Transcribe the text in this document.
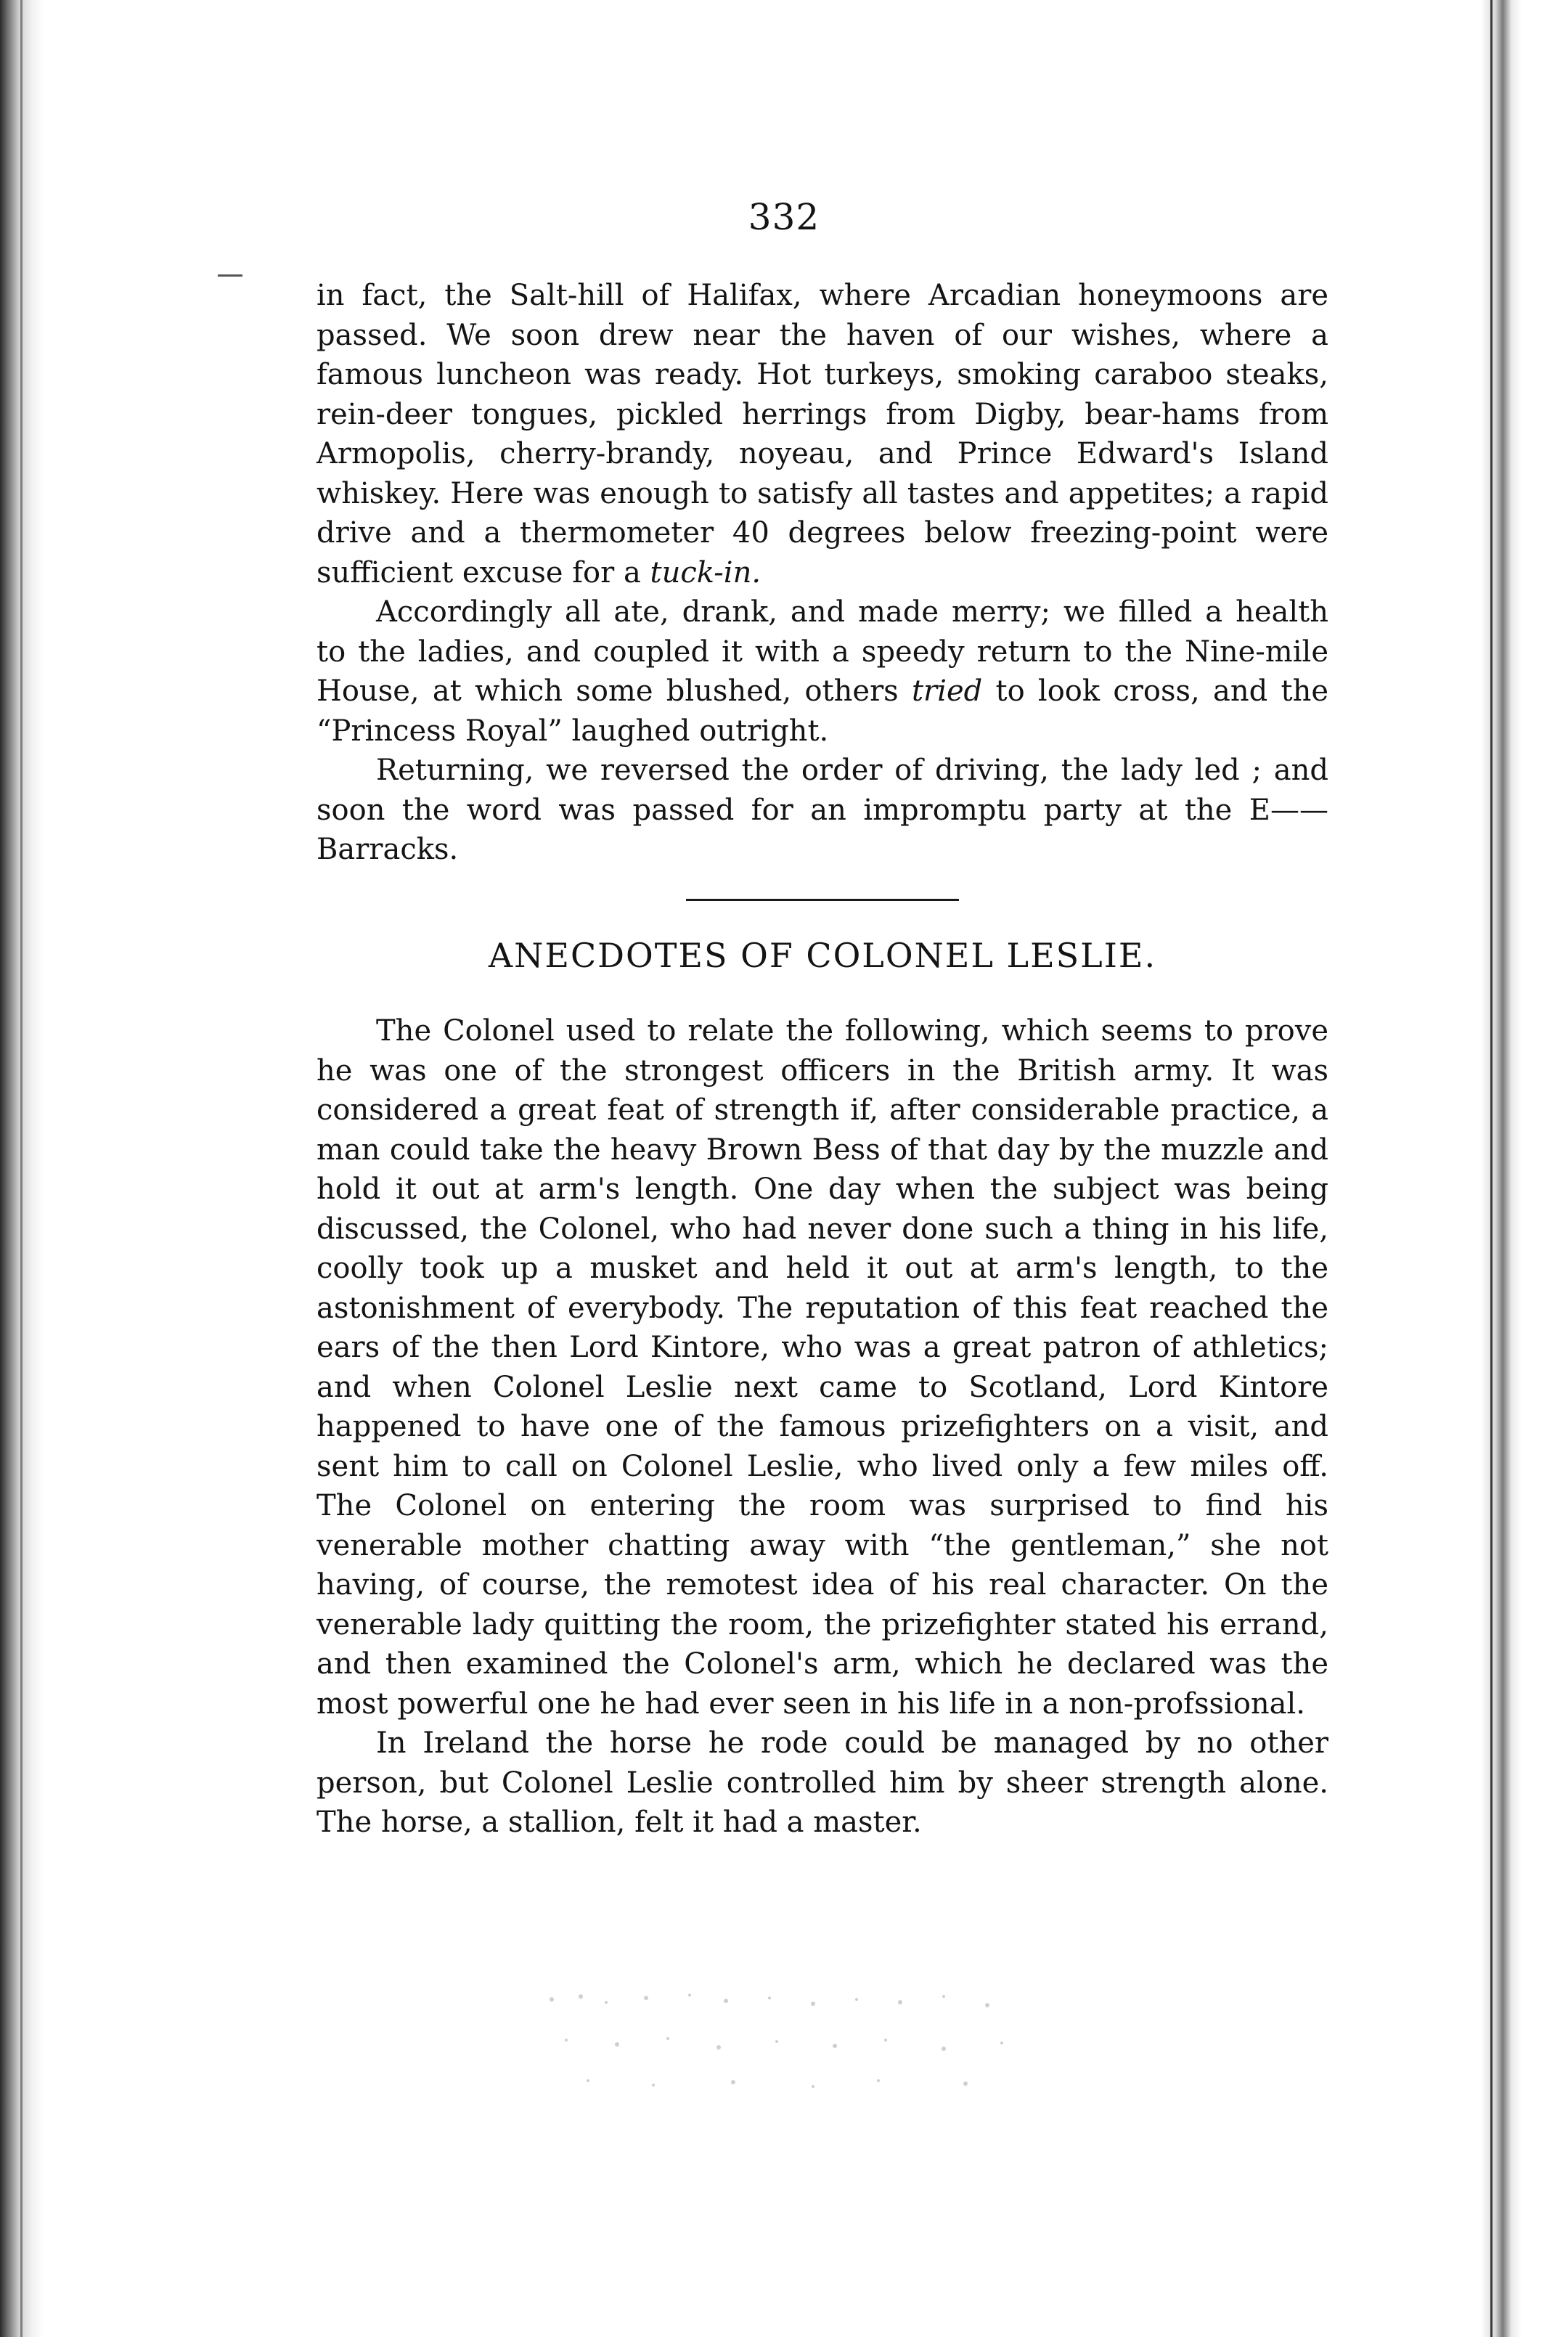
332

in fact, the Salt-hill of Halifax, where Arcadian honeymoons are passed. We soon drew near the haven of our wishes, where a famous luncheon was ready. Hot turkeys, smoking caraboo steaks, rein-deer tongues, pickled herrings from Digby, bear-hams from Armopolis, cherry-brandy, noyeau, and Prince Edward's Island whiskey. Here was enough to satisfy all tastes and appetites; a rapid drive and a thermometer 40 degrees below freezing-point were sufficient excuse for a tuck-in.

Accordingly all ate, drank, and made merry; we filled a health to the ladies, and coupled it with a speedy return to the Nine-mile House, at which some blushed, others tried to look cross, and the “Princess Royal” laughed outright.

Returning, we reversed the order of driving, the lady led ; and soon the word was passed for an impromptu party at the E—— Barracks.

ANECDOTES OF COLONEL LESLIE.

The Colonel used to relate the following, which seems to prove he was one of the strongest officers in the British army. It was considered a great feat of strength if, after considerable practice, a man could take the heavy Brown Bess of that day by the muzzle and hold it out at arm's length. One day when the subject was being discussed, the Colonel, who had never done such a thing in his life, coolly took up a musket and held it out at arm's length, to the astonishment of everybody. The reputation of this feat reached the ears of the then Lord Kintore, who was a great patron of athletics; and when Colonel Leslie next came to Scotland, Lord Kintore happened to have one of the famous prizefighters on a visit, and sent him to call on Colonel Leslie, who lived only a few miles off. The Colonel on entering the room was surprised to find his venerable mother chatting away with “the gentleman,” she not having, of course, the remotest idea of his real character. On the venerable lady quitting the room, the prizefighter stated his errand, and then examined the Colonel's arm, which he declared was the most powerful one he had ever seen in his life in a non-profssional.

In Ireland the horse he rode could be managed by no other person, but Colonel Leslie controlled him by sheer strength alone. The horse, a stallion, felt it had a master.
